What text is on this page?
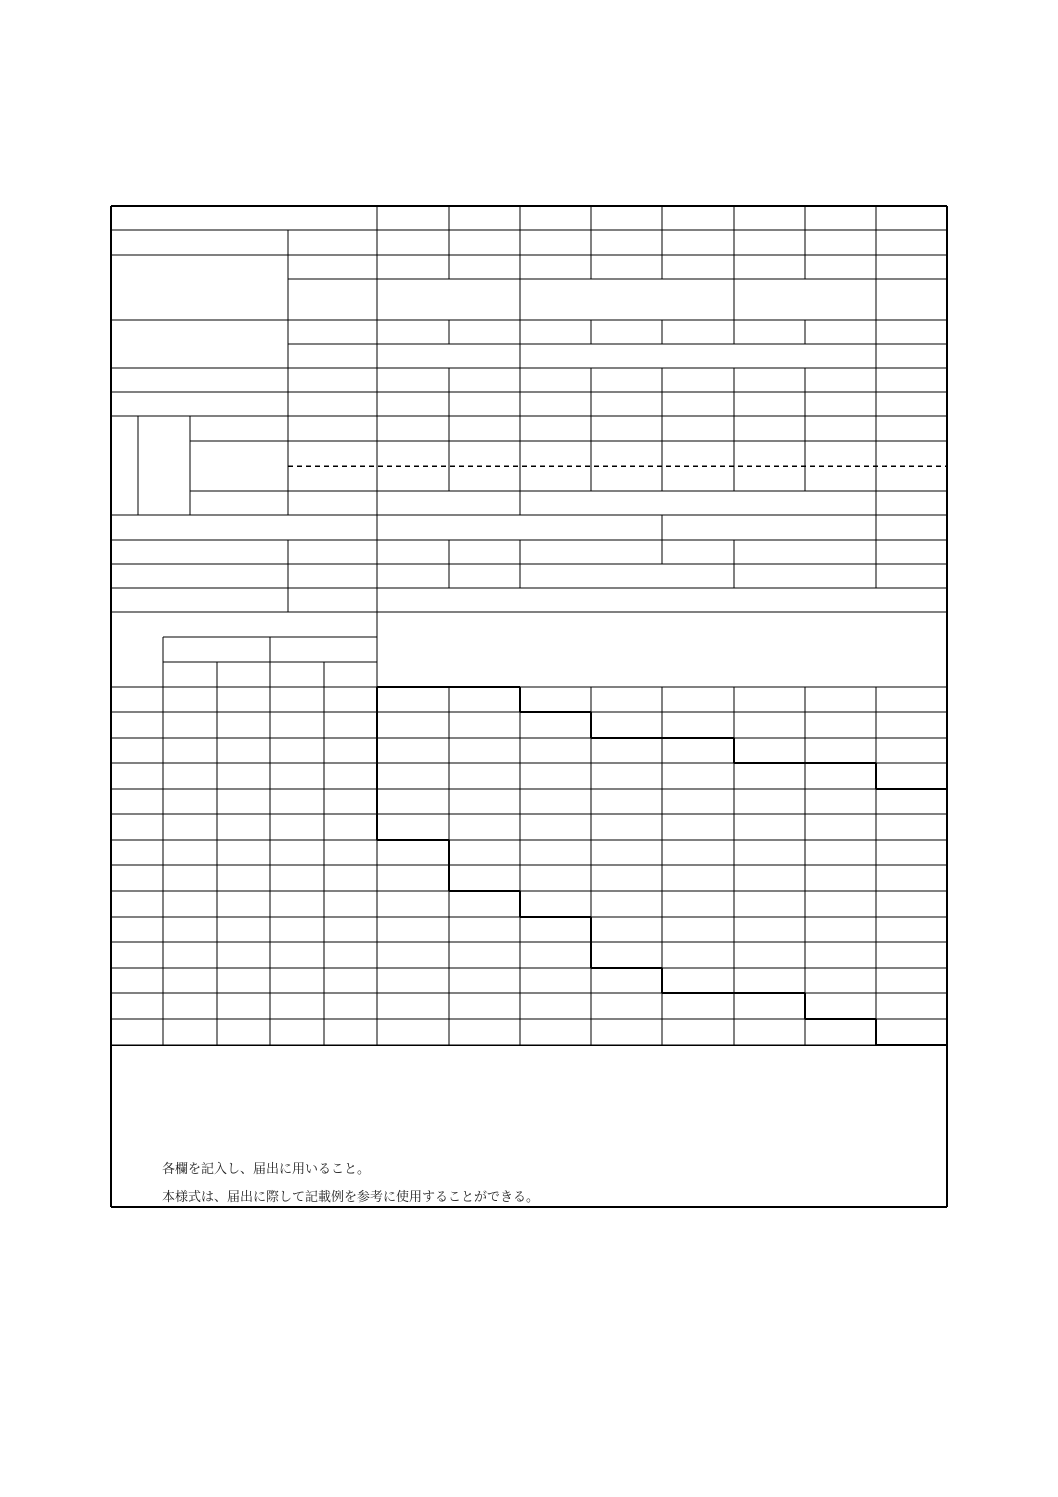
各欄を記入し、届出に用いること。
本様式は、届出に際して記載例を参考に使用することができる。
